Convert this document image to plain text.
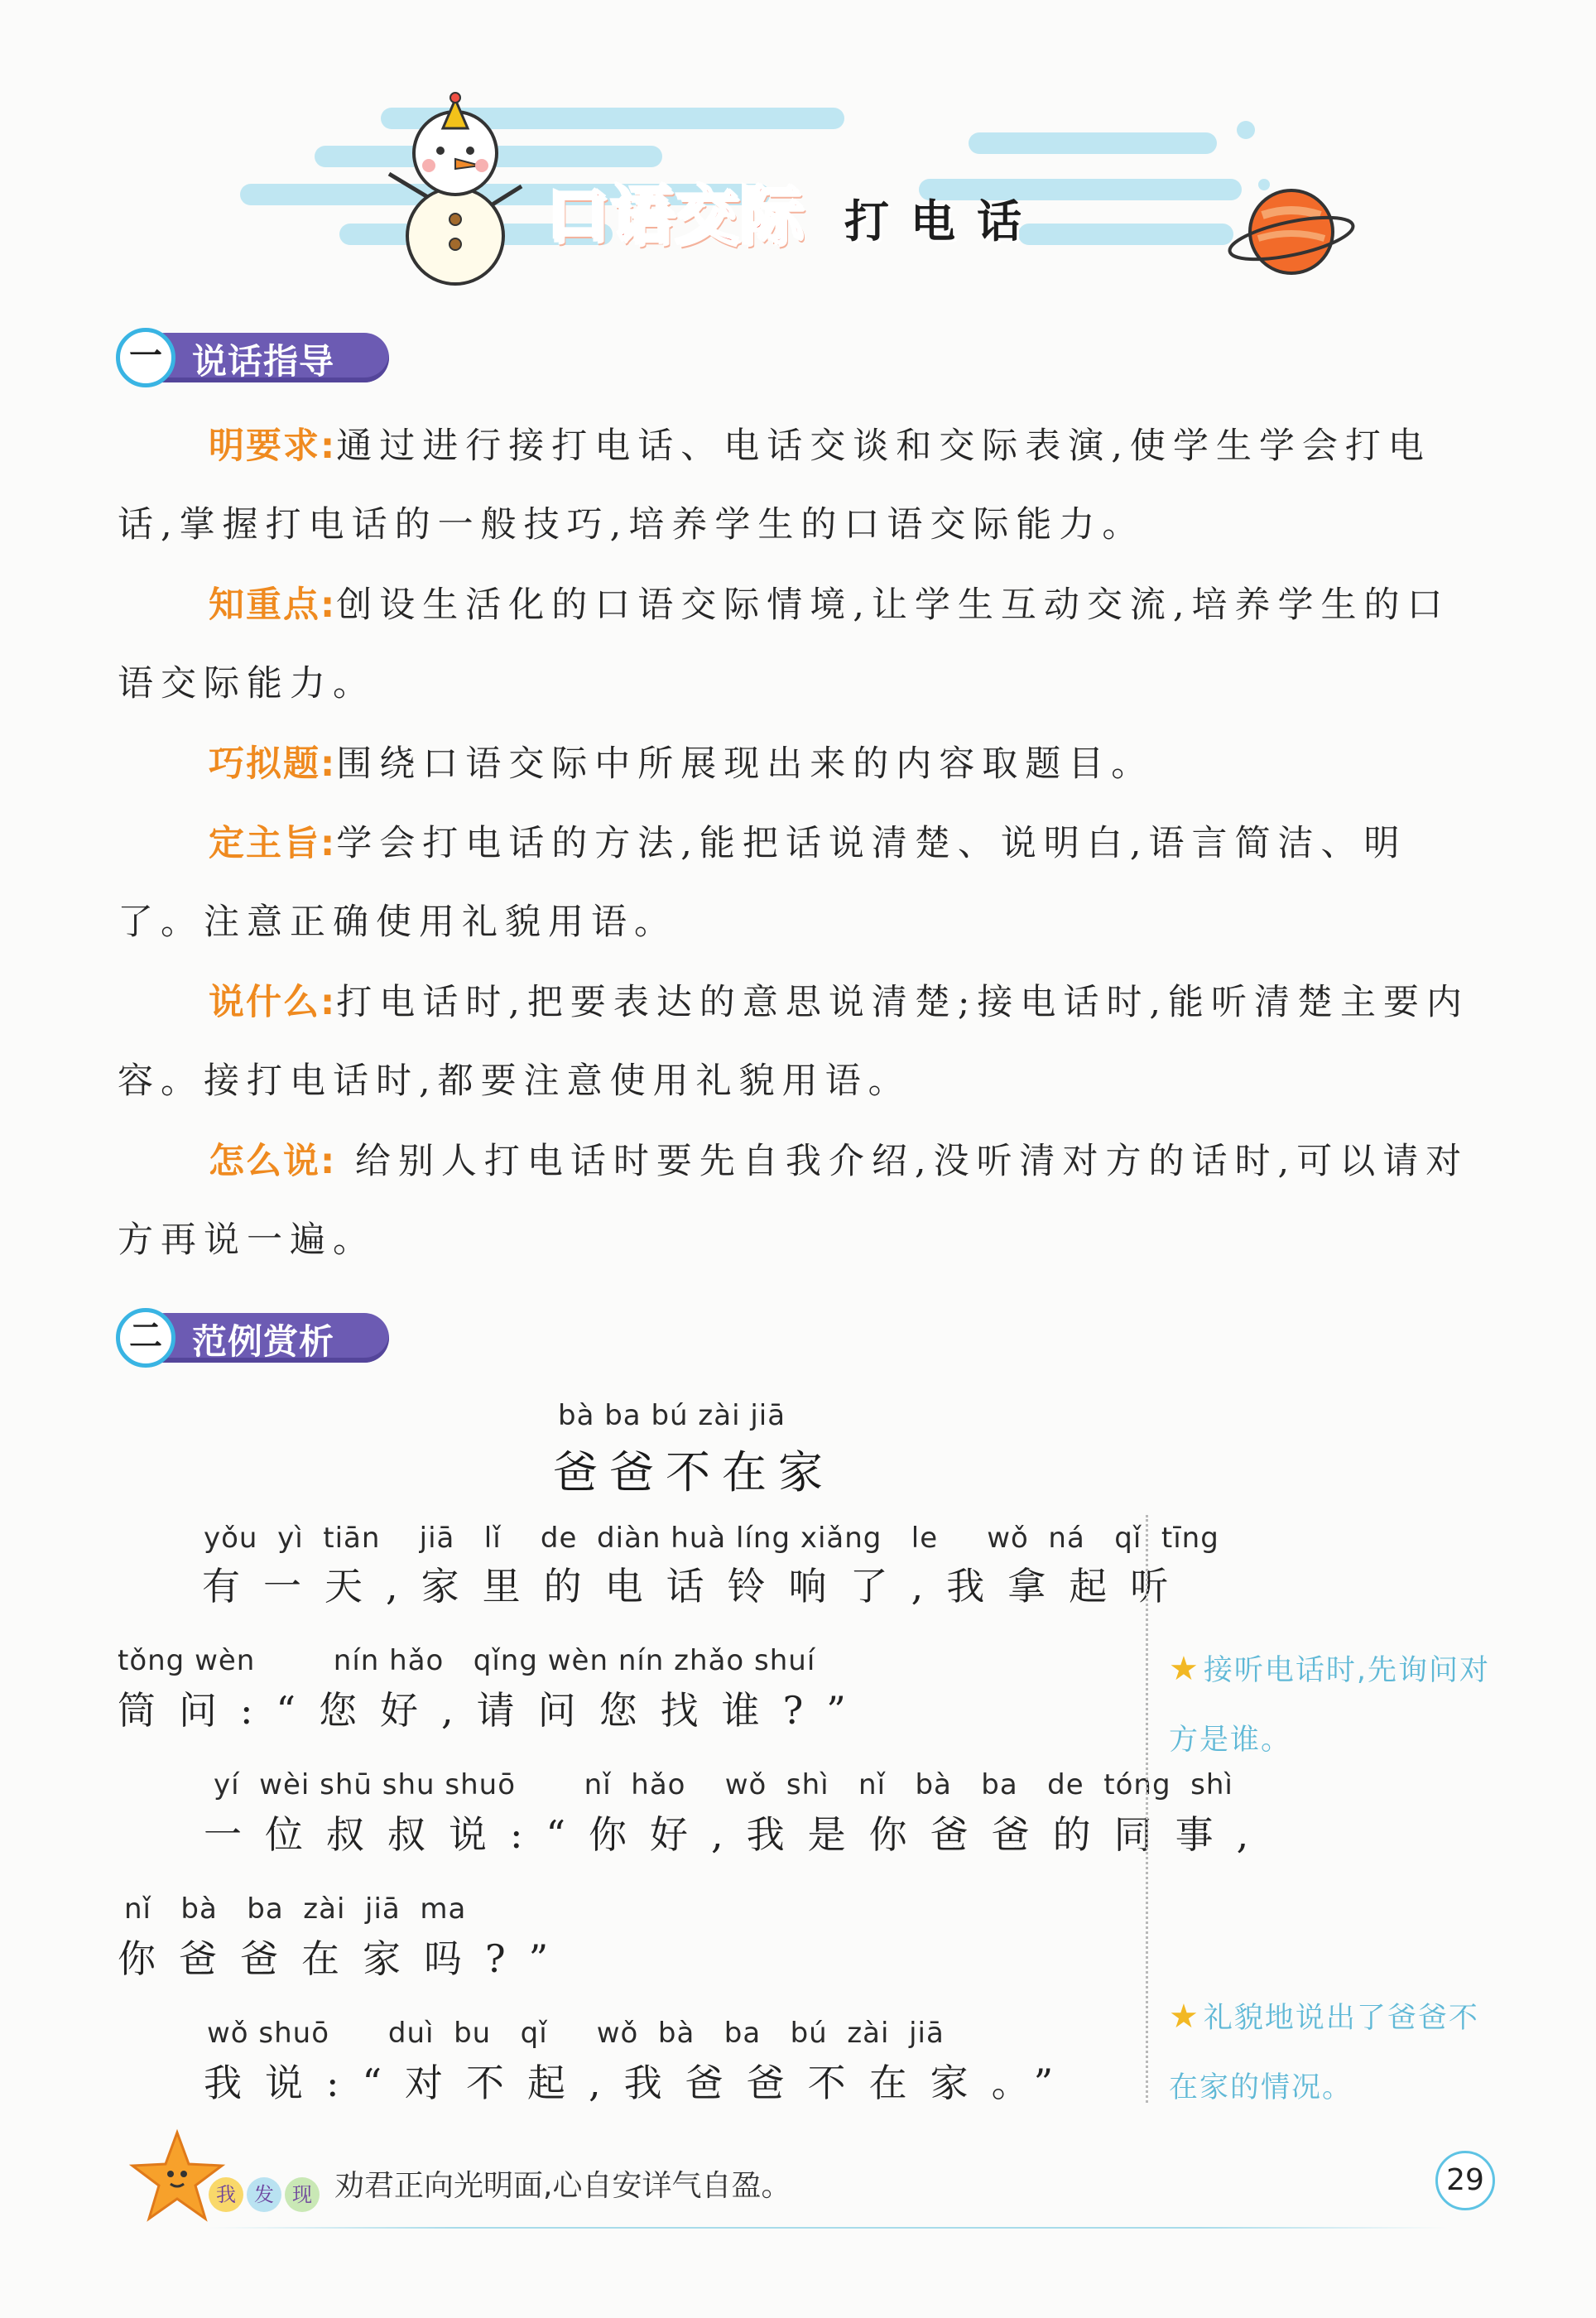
口语交际 打电话
一 说话指导
明要求:通过进行接打电话、电话交谈和交际表演,使学生学会打电话,掌握打电话的一般技巧,培养学生的口语交际能力。
知重点:创设生活化的口语交际情境,让学生互动交流,培养学生的口语交际能力。
巧拟题:围绕口语交际中所展现出来的内容取题目。
定主旨:学会打电话的方法,能把话说清楚、说明白,语言简洁、明了。注意正确使用礼貌用语。
说什么:打电话时,把要表达的意思说清楚;接电话时,能听清楚主要内容。接打电话时,都要注意使用礼貌用语。
怎么说: 给别人打电话时要先自我介绍,没听清对方的话时,可以请对方再说一遍。
二 范例赏析
bà ba bú zài jiā
爸爸不在家
yǒu  yì  tiān    jiā   lǐ    de  diàn huà líng xiǎng   le     wǒ  ná   qǐ  tīng
有一天,家里的电话铃响了,我拿起听
tǒng wèn        nín hǎo   qǐng wèn nín zhǎo shuí
筒问:“您好,请问您找谁?”
yí  wèi shū shu shuō       nǐ  hǎo    wǒ  shì   nǐ   bà   ba   de  tóng  shì
一位叔叔说:“你好,我是你爸爸的同事,
nǐ   bà   ba  zài  jiā  ma
你爸爸在家吗?”
wǒ shuō      duì  bu   qǐ     wǒ  bà   ba   bú  zài  jiā
我说:“对不起,我爸爸不在家。”
★ 接听电话时,先询问对方是谁。
★ 礼貌地说出了爸爸不在家的情况。
我 发 现 劝君正向光明面,心自安详气自盈。	29
